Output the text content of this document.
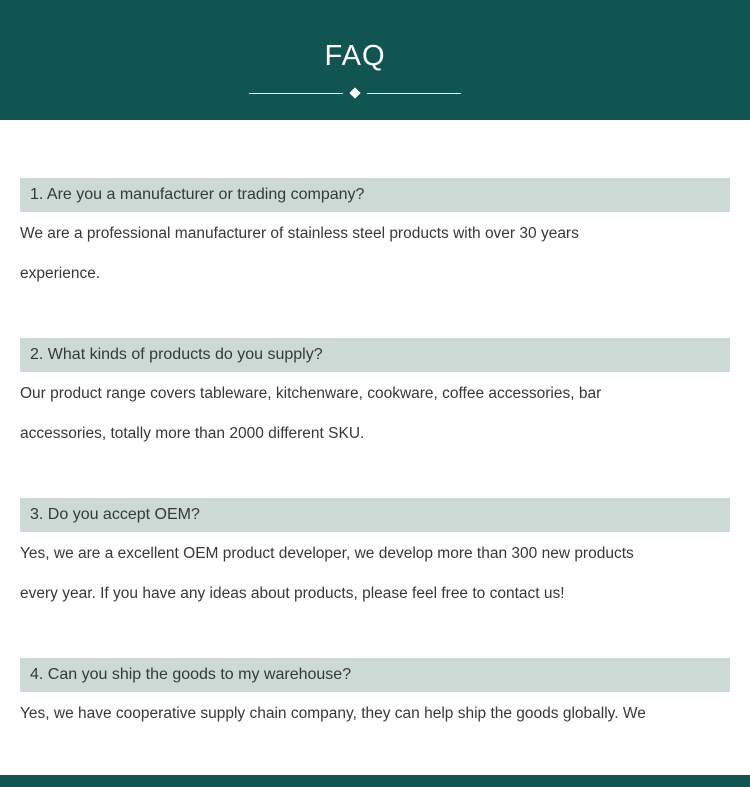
FAQ
1. Are you a manufacturer or trading company?
We are a professional manufacturer of stainless steel products with over 30 years
experience.
2. What kinds of products do you supply?
Our product range covers tableware, kitchenware, cookware, coffee accessories, bar
accessories, totally more than 2000 different SKU.
3. Do you accept OEM?
Yes, we are a excellent OEM product developer, we develop more than 300 new products
every year. If you have any ideas about products, please feel free to contact us!
4. Can you ship the goods to my warehouse?
Yes, we have cooperative supply chain company, they can help ship the goods globally. We
